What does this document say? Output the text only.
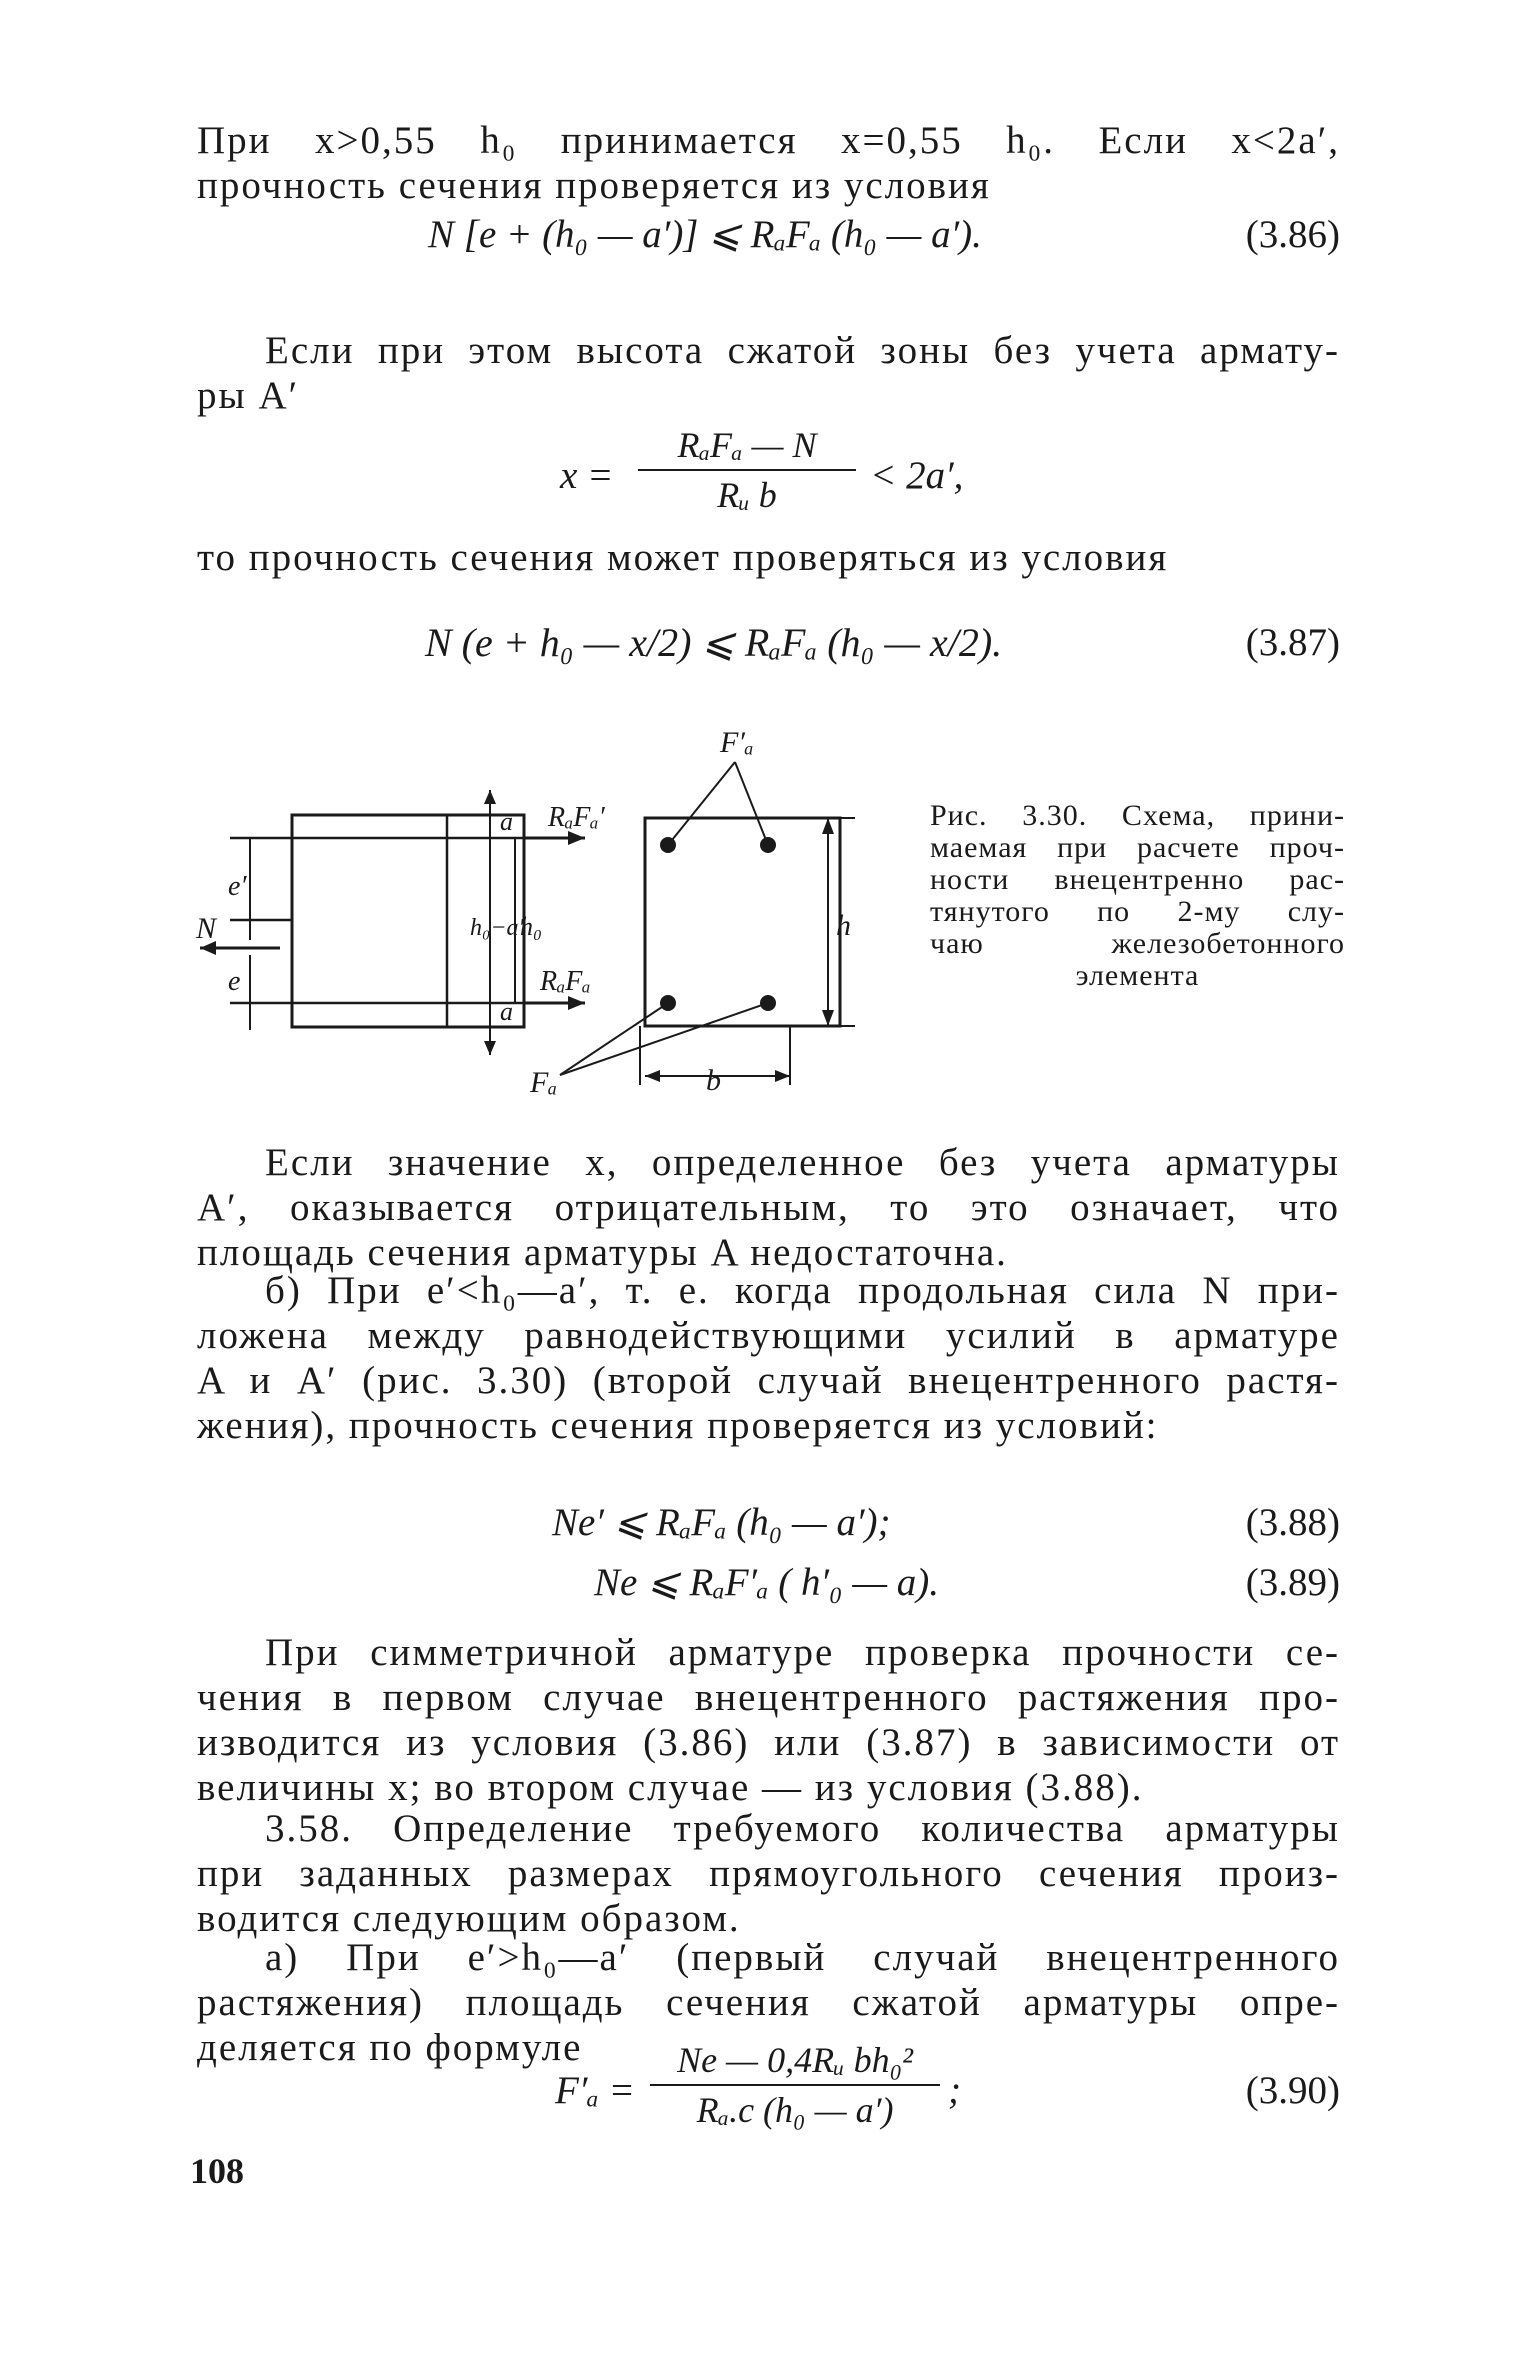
При x>0,55 h₀ принимается x=0,55 h₀. Если x<2a′,
прочность сечения проверяется из условия
N [e + (h₀ — a′)] ⩽ RₐFₐ (h₀ — a′).	(3.86)
Если при этом высота сжатой зоны без учета армату-
ры A′
x =
RₐFₐ — N
Rᵤ b	< 2a′,
то прочность сечения может проверяться из условия
N (e + h₀ — x/2) ⩽ RₐFₐ (h₀ — x/2).	(3.87)
RₐFₐ′
RₐFₐ
N
e′
e
a
a
h₀−a′
h₀
F′ₐ
Fₐ
h
b
Рис. 3.30. Схема, прини-
маемая при расчете проч-
ности внецентренно рас-
тянутого по 2-му слу-
чаю железобетонного
элемента
Если значение x, определенное без учета арматуры
A′, оказывается отрицательным, то это означает, что
площадь сечения арматуры A недостаточна.
б) При e′<h₀—a′, т. е. когда продольная сила N при-
ложена между равнодействующими усилий в арматуре
A и A′ (рис. 3.30) (второй случай внецентренного растя-
жения), прочность сечения проверяется из условий:
Ne′ ⩽ RₐFₐ (h₀ — a′);	(3.88)
Ne ⩽ RₐF′ₐ ( h′₀ — a).	(3.89)
При симметричной арматуре проверка прочности се-
чения в первом случае внецентренного растяжения про-
изводится из условия (3.86) или (3.87) в зависимости от
величины x; во втором случае — из условия (3.88).
3.58. Определение требуемого количества арматуры
при заданных размерах прямоугольного сечения произ-
водится следующим образом.
а) При e′>h₀—a′ (первый случай внецентренного
растяжения) площадь сечения сжатой арматуры опре-
деляется по формуле
$F'_a = \frac{\text{Ne — 0,4Rᵤ bh₀²}}{\text{Rₐ.c (h₀ — a′)}}$ ;	(3.90)
108
